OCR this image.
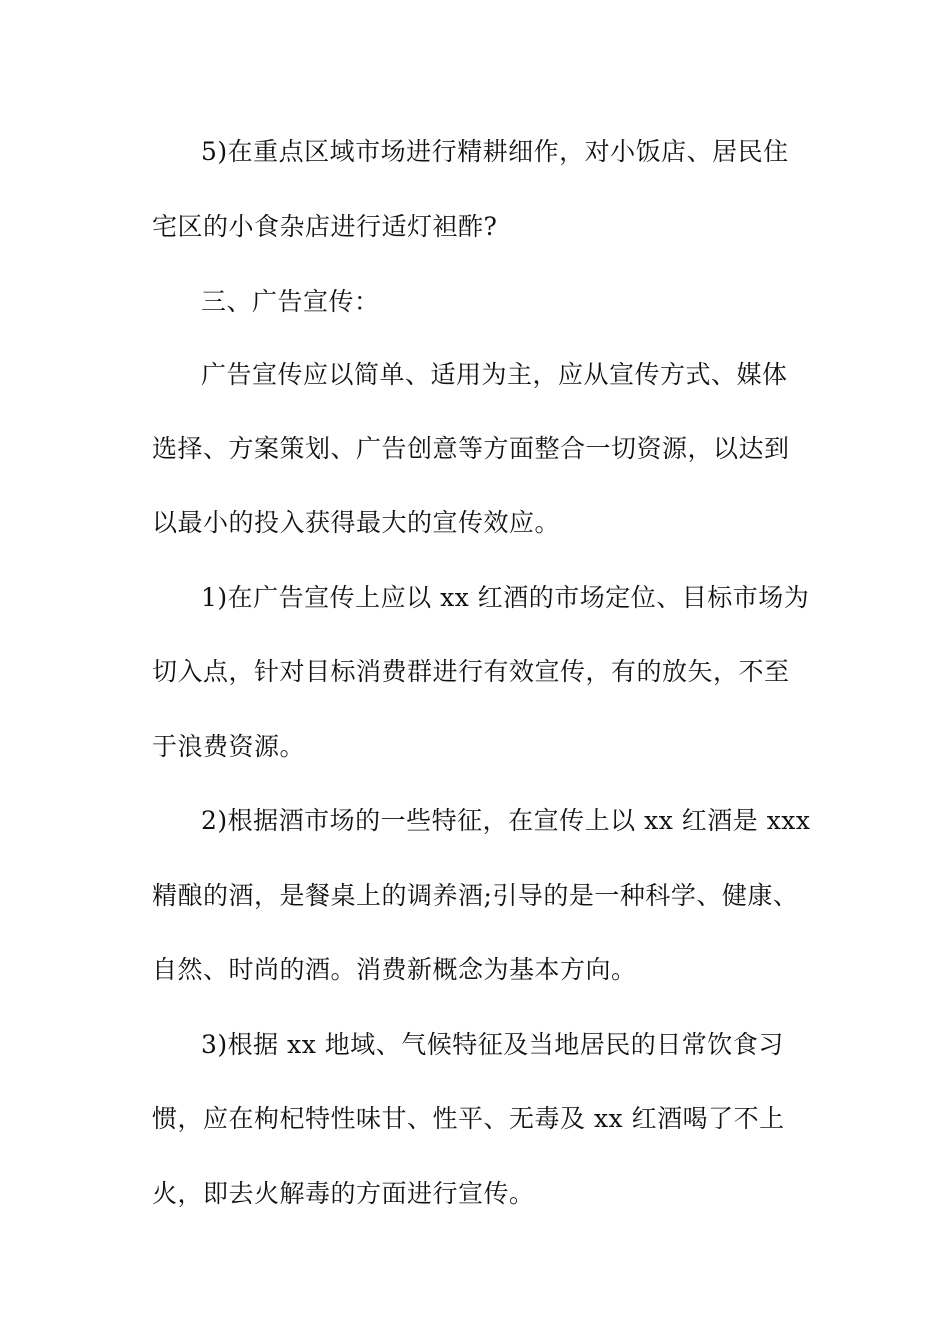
5)在重点区域市场进行精耕细作，对小饭店、居民住
宅区的小食杂店进行适灯袒酢?
三、广告宣传：
广告宣传应以简单、适用为主，应从宣传方式、媒体
选择、方案策划、广告创意等方面整合一切资源，以达到
以最小的投入获得最大的宣传效应。
1)在广告宣传上应以 xx 红酒的市场定位、目标市场为
切入点，针对目标消费群进行有效宣传，有的放矢，不至
于浪费资源。
2)根据酒市场的一些特征，在宣传上以 xx 红酒是 xxx
精酿的酒，是餐桌上的调养酒;引导的是一种科学、健康、
自然、时尚的酒。消费新概念为基本方向。
3)根据 xx 地域、气候特征及当地居民的日常饮食习
惯，应在枸杞特性味甘、性平、无毒及 xx 红酒喝了不上
火，即去火解毒的方面进行宣传。
